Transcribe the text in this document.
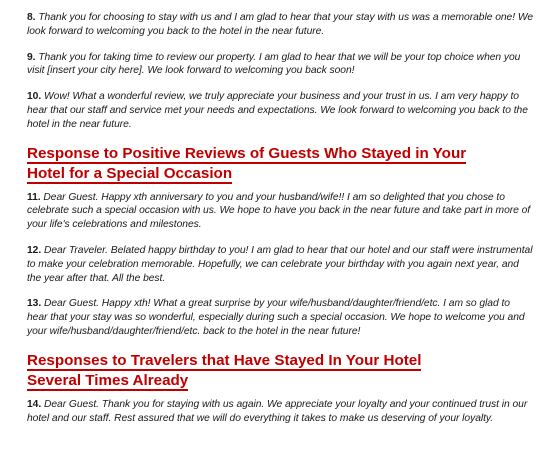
8. Thank you for choosing to stay with us and I am glad to hear that your stay with us was a memorable one! We look forward to welcoming you back to the hotel in the near future.

9. Thank you for taking time to review our property. I am glad to hear that we will be your top choice when you visit [insert your city here]. We look forward to welcoming you back soon!

10. Wow! What a wonderful review, we truly appreciate your business and your trust in us. I am very happy to hear that our staff and service met your needs and expectations. We look forward to welcoming you back to the hotel in the near future.

Response to Positive Reviews of Guests Who Stayed in Your
Hotel for a Special Occasion

11. Dear Guest. Happy xth anniversary to you and your husband/wife!! I am so delighted that you chose to celebrate such a special occasion with us. We hope to have you back in the near future and take part in more of your life's celebrations and milestones.

12. Dear Traveler. Belated happy birthday to you! I am glad to hear that our hotel and our staff were instrumental to make your celebration memorable. Hopefully, we can celebrate your birthday with you again next year, and the year after that. All the best.

13. Dear Guest. Happy xth! What a great surprise by your wife/husband/daughter/friend/etc. I am so glad to hear that your stay was so wonderful, especially during such a special occasion. We hope to welcome you and your wife/husband/daughter/friend/etc. back to the hotel in the near future!

Responses to Travelers that Have Stayed In Your Hotel
Several Times Already

14. Dear Guest. Thank you for staying with us again. We appreciate your loyalty and your continued trust in our hotel and our staff. Rest assured that we will do everything it takes to make us deserving of your loyalty.
